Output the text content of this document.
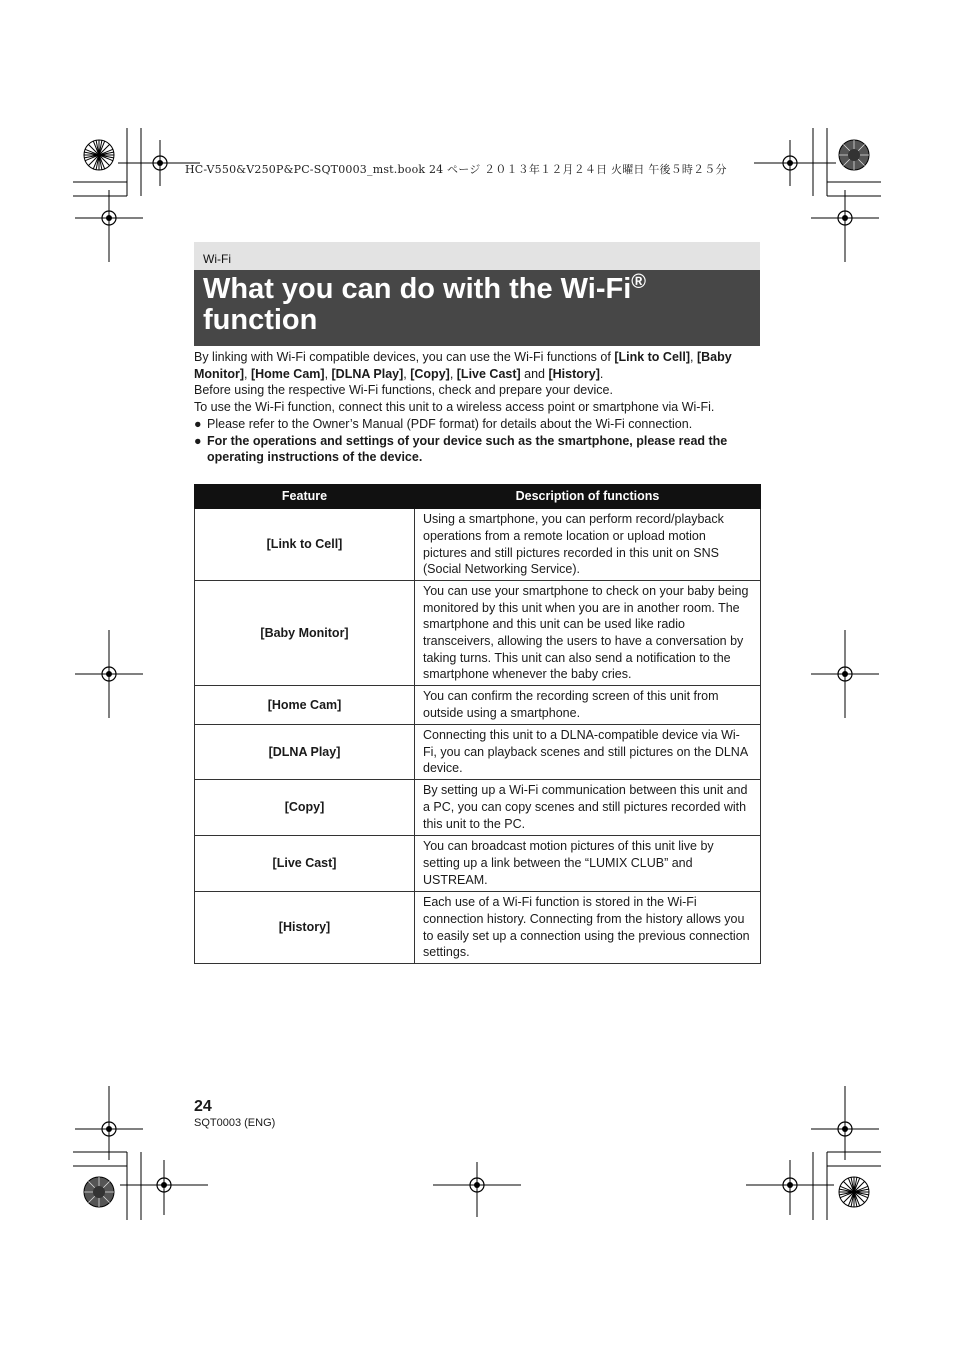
HC-V550&V250P&PC-SQT0003_mst.book 24 ページ ２０１３年１２月２４日 火曜日 午後５時２５分
Wi-Fi
What you can do with the Wi-Fi®
function

By linking with Wi-Fi compatible devices, you can use the Wi-Fi functions of [Link to Cell], [Baby Monitor], [Home Cam], [DLNA Play], [Copy], [Live Cast] and [History].

Before using the respective Wi-Fi functions, check and prepare your device.

To use the Wi-Fi function, connect this unit to a wireless access point or smartphone via Wi-Fi.

● Please refer to the Owner’s Manual (PDF format) for details about the Wi-Fi connection.

● For the operations and settings of your device such as the smartphone, please read the operating instructions of the device.

Feature	Description of functions
[Link to Cell]	Using a smartphone, you can perform record/playback operations from a remote location or upload motion pictures and still pictures recorded in this unit on SNS (Social Networking Service).
[Baby Monitor]	You can use your smartphone to check on your baby being monitored by this unit when you are in another room. The smartphone and this unit can be used like radio transceivers, allowing the users to have a conversation by taking turns. This unit can also send a notification to the smartphone whenever the baby cries.
[Home Cam]	You can confirm the recording screen of this unit from outside using a smartphone.
[DLNA Play]	Connecting this unit to a DLNA-compatible device via Wi-Fi, you can playback scenes and still pictures on the DLNA device.
[Copy]	By setting up a Wi-Fi communication between this unit and a PC, you can copy scenes and still pictures recorded with this unit to the PC.
[Live Cast]	You can broadcast motion pictures of this unit live by setting up a link between the “LUMIX CLUB” and USTREAM.
[History]	Each use of a Wi-Fi function is stored in the Wi-Fi connection history. Connecting from the history allows you to easily set up a connection using the previous connection settings.
24
SQT0003 (ENG)
